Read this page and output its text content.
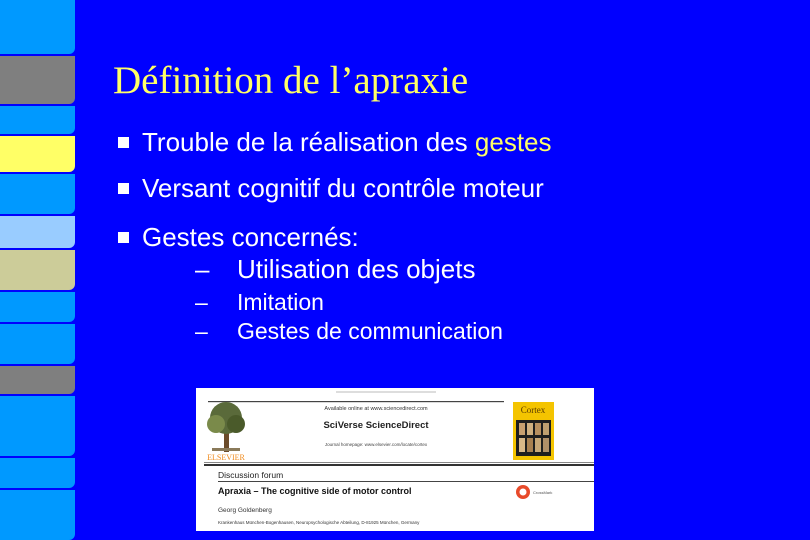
Définition de l’apraxie
Trouble de la réalisation des gestes
Versant cognitif du contrôle moteur
Gestes concernés:
– Utilisation des objets
– Imitation
– Gestes de communication
ELSEVIER
Available online at www.sciencedirect.com
SciVerse ScienceDirect
Journal homepage: www.elsevier.com/locate/cortex
Cortex
Discussion forum
Apraxia – The cognitive side of motor control	CrossMark
Georg Goldenberg
Krankenhaus München-Bogenhausen, Neuropsychologische Abteilung, D-81925 München, Germany
